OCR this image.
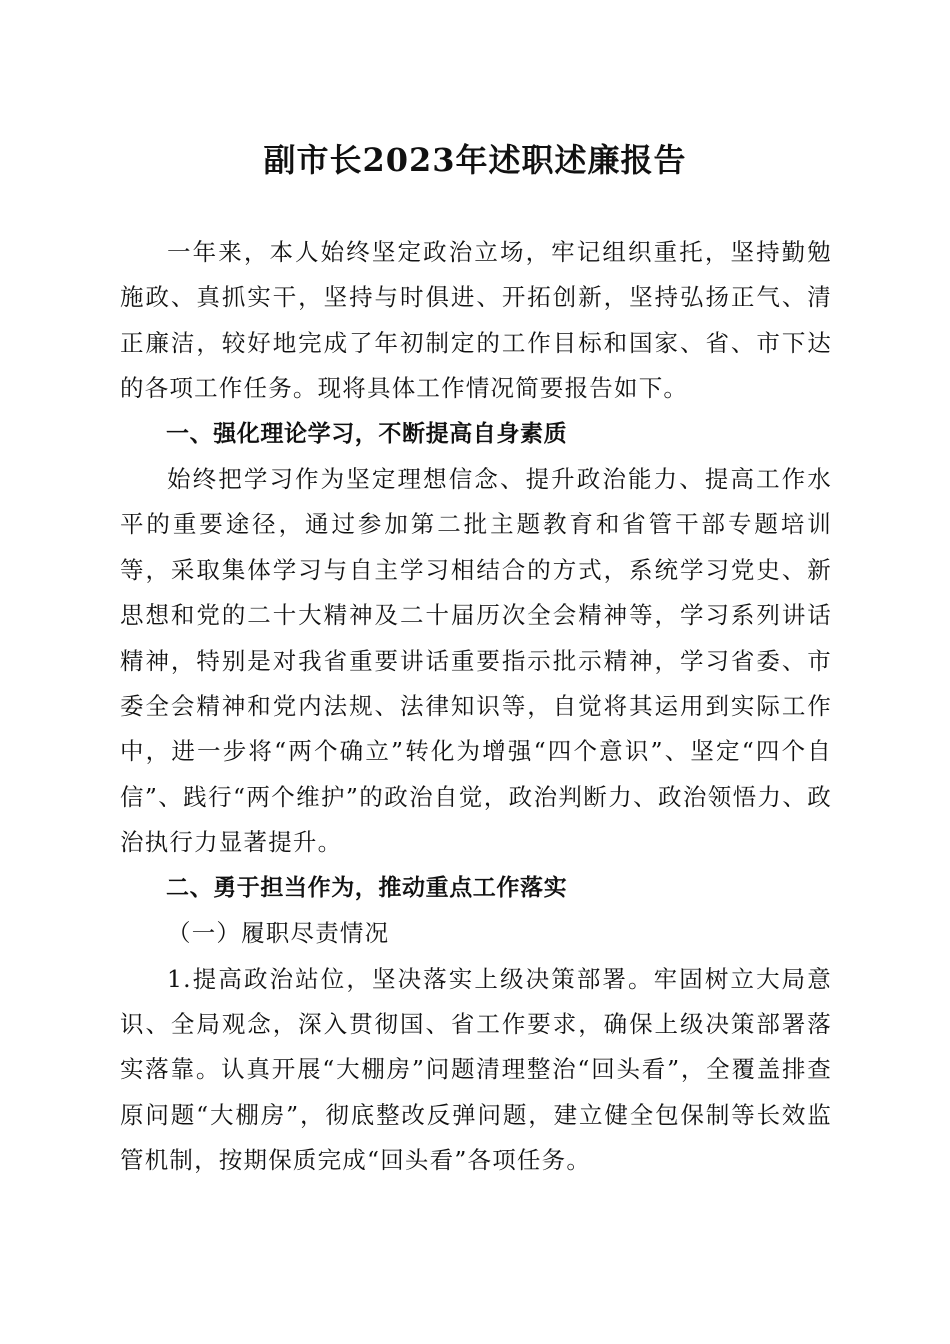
副市长2023年述职述廉报告

一年来，本人始终坚定政治立场，牢记组织重托，坚持勤勉施政、真抓实干，坚持与时俱进、开拓创新，坚持弘扬正气、清正廉洁，较好地完成了年初制定的工作目标和国家、省、市下达的各项工作任务。现将具体工作情况简要报告如下。

一、强化理论学习，不断提高自身素质

始终把学习作为坚定理想信念、提升政治能力、提高工作水平的重要途径，通过参加第二批主题教育和省管干部专题培训等，采取集体学习与自主学习相结合的方式，系统学习党史、新思想和党的二十大精神及二十届历次全会精神等，学习系列讲话精神，特别是对我省重要讲话重要指示批示精神，学习省委、市委全会精神和党内法规、法律知识等，自觉将其运用到实际工作中，进一步将“两个确立”转化为增强“四个意识”、坚定“四个自信”、践行“两个维护”的政治自觉，政治判断力、政治领悟力、政治执行力显著提升。

二、勇于担当作为，推动重点工作落实

（一）履职尽责情况

1.提高政治站位，坚决落实上级决策部署。牢固树立大局意识、全局观念，深入贯彻国、省工作要求，确保上级决策部署落实落靠。认真开展“大棚房”问题清理整治“回头看”，全覆盖排查原问题“大棚房”，彻底整改反弹问题，建立健全包保制等长效监管机制，按期保质完成“回头看”各项任务。
